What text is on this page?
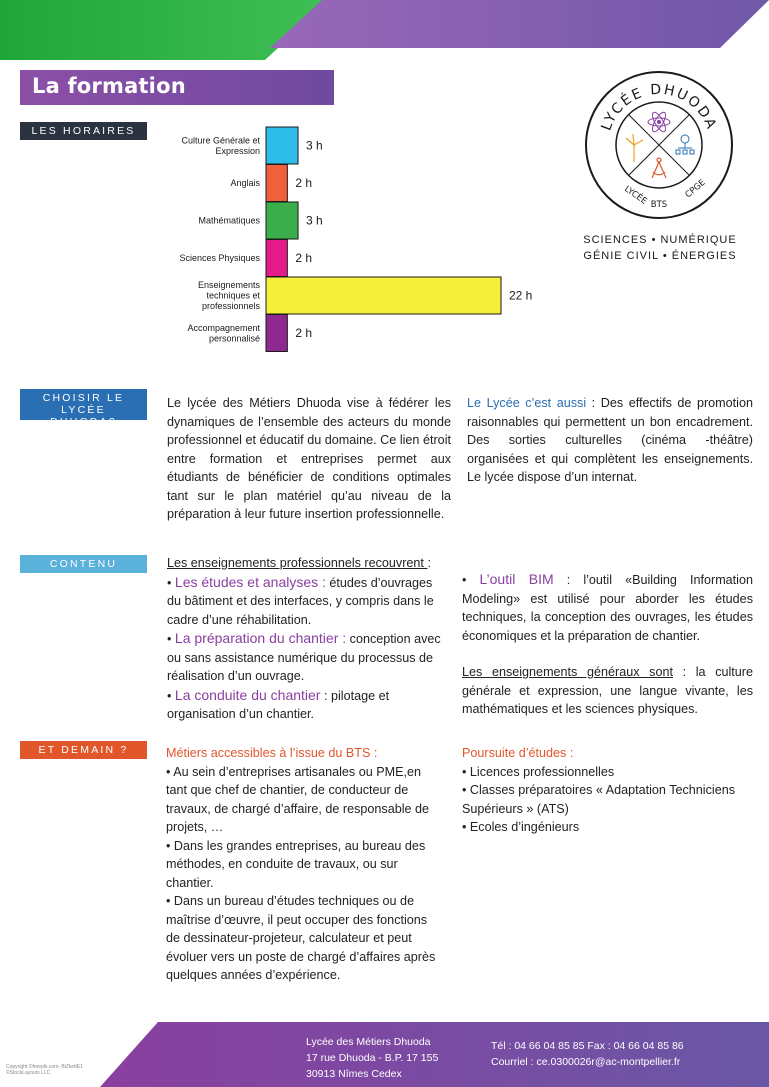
La formation
LES HORAIRES
3 h
Culture Générale et
Expression
2 h
Anglais
3 h
Mathématiques
2 h
Sciences Physiques
22 h
Enseignements
techniques et
professionnels
2 h
Accompagnement
personnalisé
LYCÉE DHUODA
LYCÉE BTS
CPGE
SCIENCES • NUMÉRIQUE
GÉNIE CIVIL • ÉNERGIES
CHOISIR LE LYCÉE
DHUODA?
Le lycée des Métiers Dhuoda vise à fédérer les dynamiques de l’ensemble des acteurs du monde professionnel et éducatif du domaine. Ce lien étroit entre formation et entreprises permet aux étudiants de bénéficier de conditions optimales tant sur le plan matériel qu’au niveau de la préparation à leur future insertion professionnelle.
Le Lycée c’est aussi : Des effectifs de promotion raisonnables qui permettent un bon encadrement. Des sorties culturelles (cinéma -théâtre) organisées et qui complètent les enseignements. Le lycée dispose d’un internat.
CONTENU	Les enseignements professionnels recouvrent :
• Les études et analyses : études d’ouvrages du bâtiment et des interfaces, y compris dans le cadre d’une réhabilitation.
• La préparation du chantier : conception avec ou sans assistance numérique du processus de réalisation d’un ouvrage.
• La conduite du chantier : pilotage et organisation d’un chantier.
• L’outil BIM : l’outil «Building Information Modeling» est utilisé pour aborder les études techniques, la conception des ouvrages, les études économiques et la préparation de chantier.
Les enseignements généraux sont : la culture générale et expression, une langue vivante, les mathématiques et les sciences physiques.
ET DEMAIN ?	Métiers accessibles à l’issue du BTS :
• Au sein d’entreprises artisanales ou PME,en tant que chef de chantier, de conducteur de travaux, de chargé d’affaire, de responsable de projets, …
• Dans les grandes entreprises, au bureau des méthodes, en conduite de travaux, ou sur chantier.
• Dans un bureau d’études techniques ou de maîtrise d’œuvre, il peut occuper des fonctions de dessinateur-projeteur, calculateur et peut évoluer vers un poste de chargé d’affaires après quelques années d’expérience.
Poursuite d’études :
• Licences professionnelles
• Classes préparatoires « Adaptation Techniciens Supérieurs » (ATS)
• Ecoles d’ingénieurs
Lycée des Métiers Dhuoda
17 rue Dhuoda - B.P. 17 155
30913 Nîmes Cedex
Tél : 04 66 04 85 85 Fax : 04 66 04 85 86
Courriel : ce.0300026r@ac-montpellier.fr
Copyright ©freepik.com- BiZkettE1
©StockLayouts LLC
